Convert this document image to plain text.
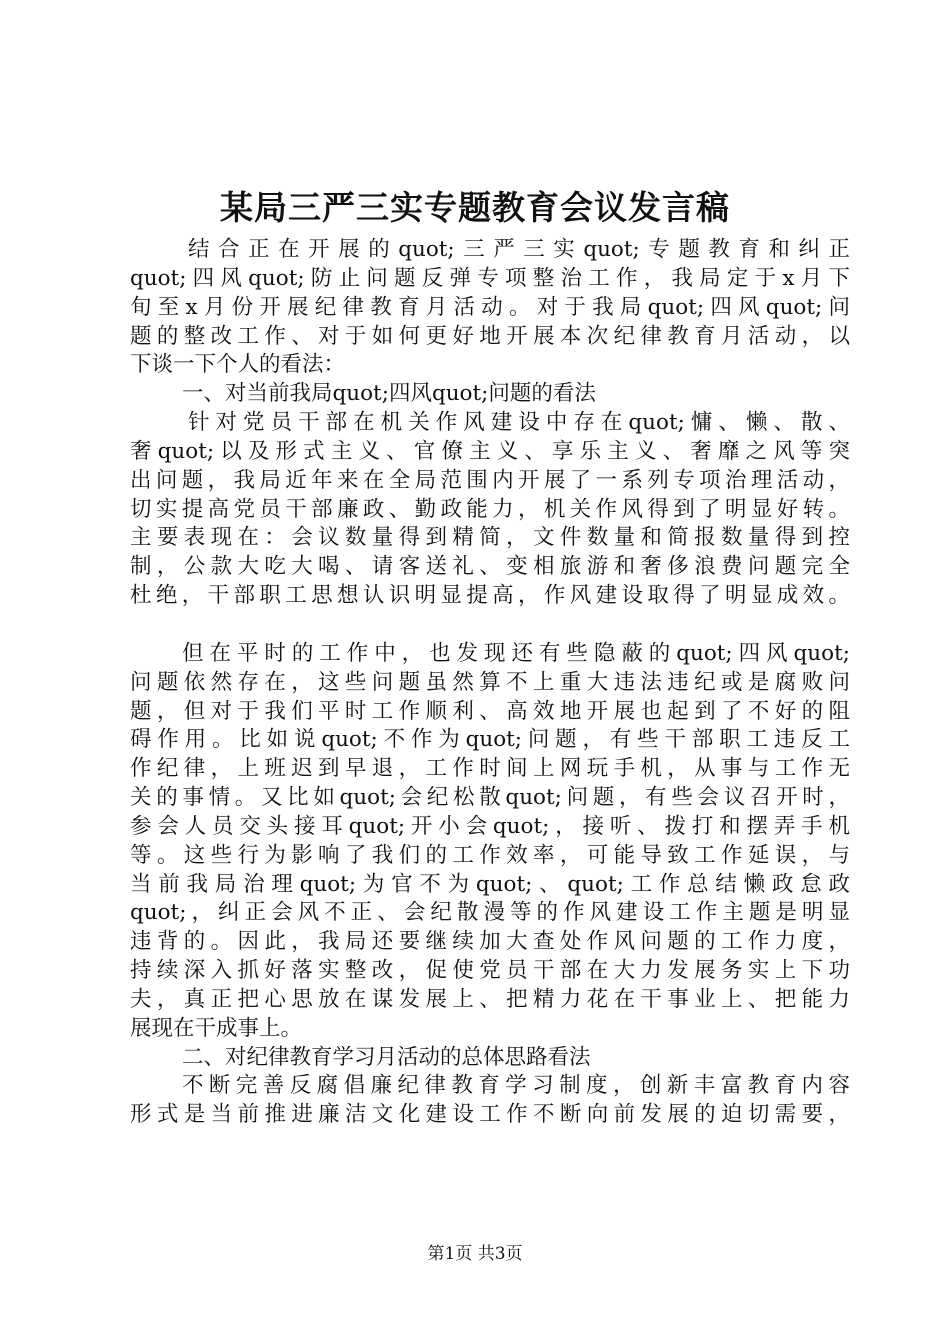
某局三严三实专题教育会议发言稿
结合正在开展的quot;三严三实quot;专题教育和纠正
quot;四风quot;防止问题反弹专项整治工作，我局定于x月下
旬至x月份开展纪律教育月活动。对于我局quot;四风quot;问
题的整改工作、对于如何更好地开展本次纪律教育月活动，以
下谈一下个人的看法：
一、对当前我局quot;四风quot;问题的看法
针对党员干部在机关作风建设中存在quot;慵、懒、散、
奢quot;以及形式主义、官僚主义、享乐主义、奢靡之风等突
出问题，我局近年来在全局范围内开展了一系列专项治理活动，
切实提高党员干部廉政、勤政能力，机关作风得到了明显好转。
主要表现在：会议数量得到精简，文件数量和简报数量得到控
制，公款大吃大喝、请客送礼、变相旅游和奢侈浪费问题完全
杜绝，干部职工思想认识明显提高，作风建设取得了明显成效。
但在平时的工作中，也发现还有些隐蔽的quot;四风quot;
问题依然存在，这些问题虽然算不上重大违法违纪或是腐败问
题，但对于我们平时工作顺利、高效地开展也起到了不好的阻
碍作用。比如说quot;不作为quot;问题，有些干部职工违反工
作纪律，上班迟到早退，工作时间上网玩手机，从事与工作无
关的事情。又比如quot;会纪松散quot;问题，有些会议召开时，
参会人员交头接耳quot;开小会quot;，接听、拨打和摆弄手机
等。这些行为影响了我们的工作效率，可能导致工作延误，与
当前我局治理quot;为官不为quot;、quot;工作总结懒政怠政
quot;，纠正会风不正、会纪散漫等的作风建设工作主题是明显
违背的。因此，我局还要继续加大查处作风问题的工作力度，
持续深入抓好落实整改，促使党员干部在大力发展务实上下功
夫，真正把心思放在谋发展上、把精力花在干事业上、把能力
展现在干成事上。
二、对纪律教育学习月活动的总体思路看法
不断完善反腐倡廉纪律教育学习制度，创新丰富教育内容
形式是当前推进廉洁文化建设工作不断向前发展的迫切需要，
第1页 共3页
